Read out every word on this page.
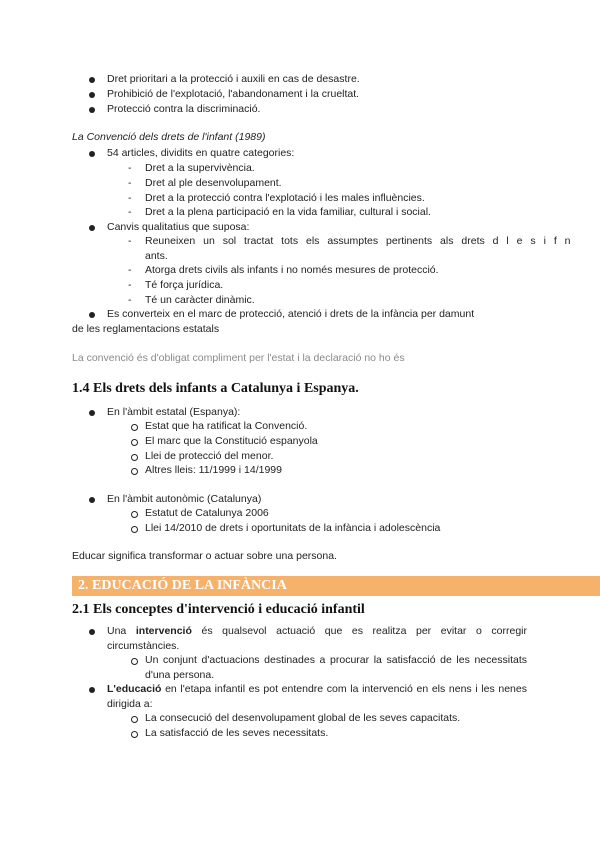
Dret prioritari a la protecció i auxili en cas de desastre.
Prohibició de l'explotació, l'abandonament i la crueltat.
Protecció contra la discriminació.
La Convenció dels drets de l'infant (1989)
54 articles, dividits en quatre categories:
- Dret a la supervivència.
- Dret al ple desenvolupament.
- Dret a la protecció contra l'explotació i les males influències.
- Dret a la plena participació en la vida familiar, cultural i social.
Canvis qualitatius que suposa:
- Reuneixen un sol tractat tots els assumptes pertinents als drets d l e s i f n
ants.
- Atorga drets civils als infants i no només mesures de protecció.
- Té força jurídica.
- Té un caràcter dinàmic.
Es converteix en el marc de protecció, atenció i drets de la infància per damunt
de les reglamentacions estatals
La convenció és d'obligat compliment per l'estat i la declaració no ho és
1.4 Els drets dels infants a Catalunya i Espanya.
En l'àmbit estatal (Espanya):
Estat que ha ratificat la Convenció.
El marc que la Constitució espanyola
Llei de protecció del menor.
Altres lleis: 11/1999 i 14/1999
En l'àmbit autonòmic (Catalunya)
Estatut de Catalunya 2006
Llei 14/2010 de drets i oportunitats de la infància i adolescència
Educar significa transformar o actuar sobre una persona.
2. EDUCACIÓ DE LA INFÀNCIA
2.1 Els conceptes d'intervenció i educació infantil
Una intervenció és qualsevol actuació que es realitza per evitar o corregir circumstàncies.
Un conjunt d'actuacions destinades a procurar la satisfacció de les necessitats d'una persona.
L'educació en l'etapa infantil es pot entendre com la intervenció en els nens i les nenes dirigida a:
La consecució del desenvolupament global de les seves capacitats.
La satisfacció de les seves necessitats.
